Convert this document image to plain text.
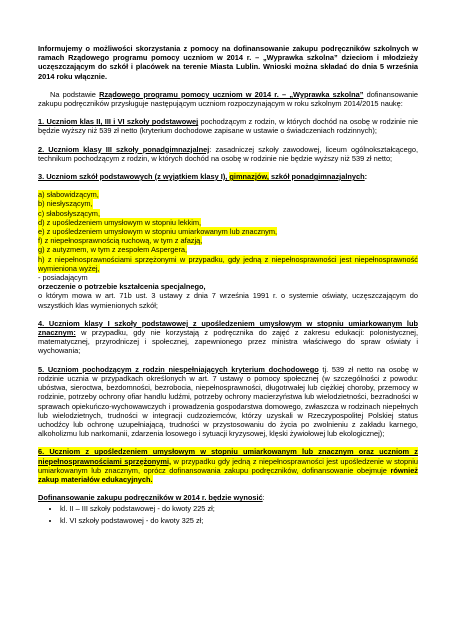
Informujemy o możliwości skorzystania z pomocy na dofinansowanie zakupu podręczników szkolnych w ramach Rządowego programu pomocy uczniom w 2014 r. – „Wyprawka szkolna” dzieciom i młodzieży uczęszczającym do szkół i placówek na terenie Miasta Lublin. Wnioski można składać do dnia 5 września 2014 roku włącznie.

Na podstawie Rządowego programu pomocy uczniom w 2014 r. – „Wyprawka szkolna” dofinansowanie zakupu podręczników przysługuje następującym uczniom rozpoczynającym w roku szkolnym 2014/2015 naukę:

1. Uczniom klas II, III i VI szkoły podstawowej pochodzącym z rodzin, w których dochód na osobę w rodzinie nie będzie wyższy niż 539 zł netto (kryterium dochodowe zapisane w ustawie o świadczeniach rodzinnych);

2. Uczniom klasy III szkoły ponadgimnazjalnej: zasadniczej szkoły zawodowej, liceum ogólnokształcącego, technikum pochodzącym z rodzin, w których dochód na osobę w rodzinie nie będzie wyższy niż 539 zł netto;

3. Uczniom szkół podstawowych (z wyjątkiem klasy I), gimnazjów, szkół ponadgimnazjalnych:

a) słabowidzącym,
b) niesłyszącym,
c) słabosłyszącym,
d) z upośledzeniem umysłowym w stopniu lekkim,
e) z upośledzeniem umysłowym w stopniu umiarkowanym lub znacznym,
f) z niepełnosprawnością ruchową, w tym z afazją,
g) z autyzmem, w tym z zespołem Aspergera,
h) z niepełnosprawnościami sprzężonymi w przypadku, gdy jedną z niepełnosprawności jest niepełnosprawność wymieniona wyżej,

- posiadającym
orzeczenie o potrzebie kształcenia specjalnego,
o którym mowa w art. 71b ust. 3 ustawy z dnia 7 września 1991 r. o systemie oświaty, uczęszczającym do wszystkich klas wymienionych szkół;

4. Uczniom klasy I szkoły podstawowej z upośledzeniem umysłowym w stopniu umiarkowanym lub znacznym: w przypadku, gdy nie korzystają z podręcznika do zajęć z zakresu edukacji: polonistycznej, matematycznej, przyrodniczej i społecznej, zapewnionego przez ministra właściwego do spraw oświaty i wychowania;

5. Uczniom pochodzącym z rodzin niespełniających kryterium dochodowego tj. 539 zł netto na osobę w rodzinie ucznia w przypadkach określonych w art. 7 ustawy o pomocy społecznej (w szczególności z powodu: ubóstwa, sieroctwa, bezdomności, bezrobocia, niepełnosprawności, długotrwałej lub ciężkiej choroby, przemocy w rodzinie, potrzeby ochrony ofiar handlu ludźmi, potrzeby ochrony macierzyństwa lub wielodzietności, bezradności w sprawach opiekuńczo-wychowawczych i prowadzenia gospodarstwa domowego, zwłaszcza w rodzinach niepełnych lub wielodzietnych, trudności w integracji cudzoziemców, którzy uzyskali w Rzeczypospolitej Polskiej status uchodźcy lub ochronę uzupełniającą, trudności w przystosowaniu do życia po zwolnieniu z zakładu karnego, alkoholizmu lub narkomanii, zdarzenia losowego i sytuacji kryzysowej, klęski żywiołowej lub ekologicznej);

6. Uczniom z upośledzeniem umysłowym w stopniu umiarkowanym lub znacznym oraz uczniom z niepełnosprawnościami sprzężonymi, w przypadku gdy jedną z niepełnosprawności jest upośledzenie w stopniu umiarkowanym lub znacznym, oprócz dofinansowania zakupu podręczników, dofinansowanie obejmuje również zakup materiałów edukacyjnych.

Dofinansowanie zakupu podręczników w 2014 r. będzie wynosić:

• kl. II – III szkoły podstawowej - do kwoty 225 zł;
• kl. VI szkoły podstawowej - do kwoty 325 zł;
